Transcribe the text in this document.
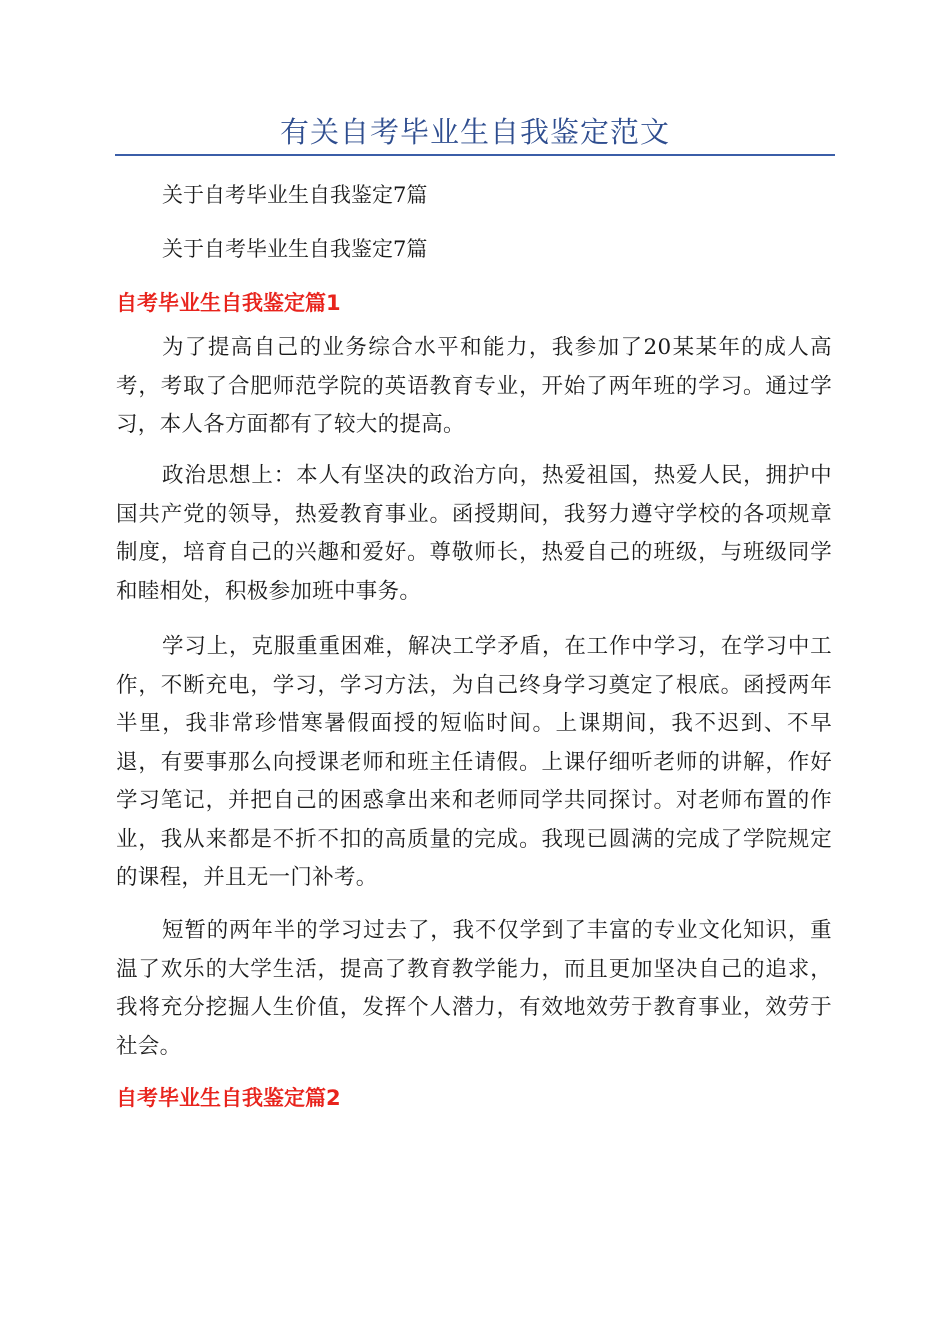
有关自考毕业生自我鉴定范文
关于自考毕业生自我鉴定7篇
关于自考毕业生自我鉴定7篇
自考毕业生自我鉴定篇1

为了提高自己的业务综合水平和能力，我参加了20某某年的成人高考，考取了合肥师范学院的英语教育专业，开始了两年班的学习。通过学习，本人各方面都有了较大的提高。

政治思想上：本人有坚决的政治方向，热爱祖国，热爱人民，拥护中国共产党的领导，热爱教育事业。函授期间，我努力遵守学校的各项规章制度，培育自己的兴趣和爱好。尊敬师长，热爱自己的班级，与班级同学和睦相处，积极参加班中事务。

学习上，克服重重困难，解决工学矛盾，在工作中学习，在学习中工作，不断充电，学习，学习方法，为自己终身学习奠定了根底。函授两年半里，我非常珍惜寒暑假面授的短临时间。上课期间，我不迟到、不早退，有要事那么向授课老师和班主任请假。上课仔细听老师的讲解，作好学习笔记，并把自己的困惑拿出来和老师同学共同探讨。对老师布置的作业，我从来都是不折不扣的高质量的完成。我现已圆满的完成了学院规定的课程，并且无一门补考。

短暂的两年半的学习过去了，我不仅学到了丰富的专业文化知识，重温了欢乐的大学生活，提高了教育教学能力，而且更加坚决自己的追求，我将充分挖掘人生价值，发挥个人潜力，有效地效劳于教育事业，效劳于社会。

自考毕业生自我鉴定篇2
